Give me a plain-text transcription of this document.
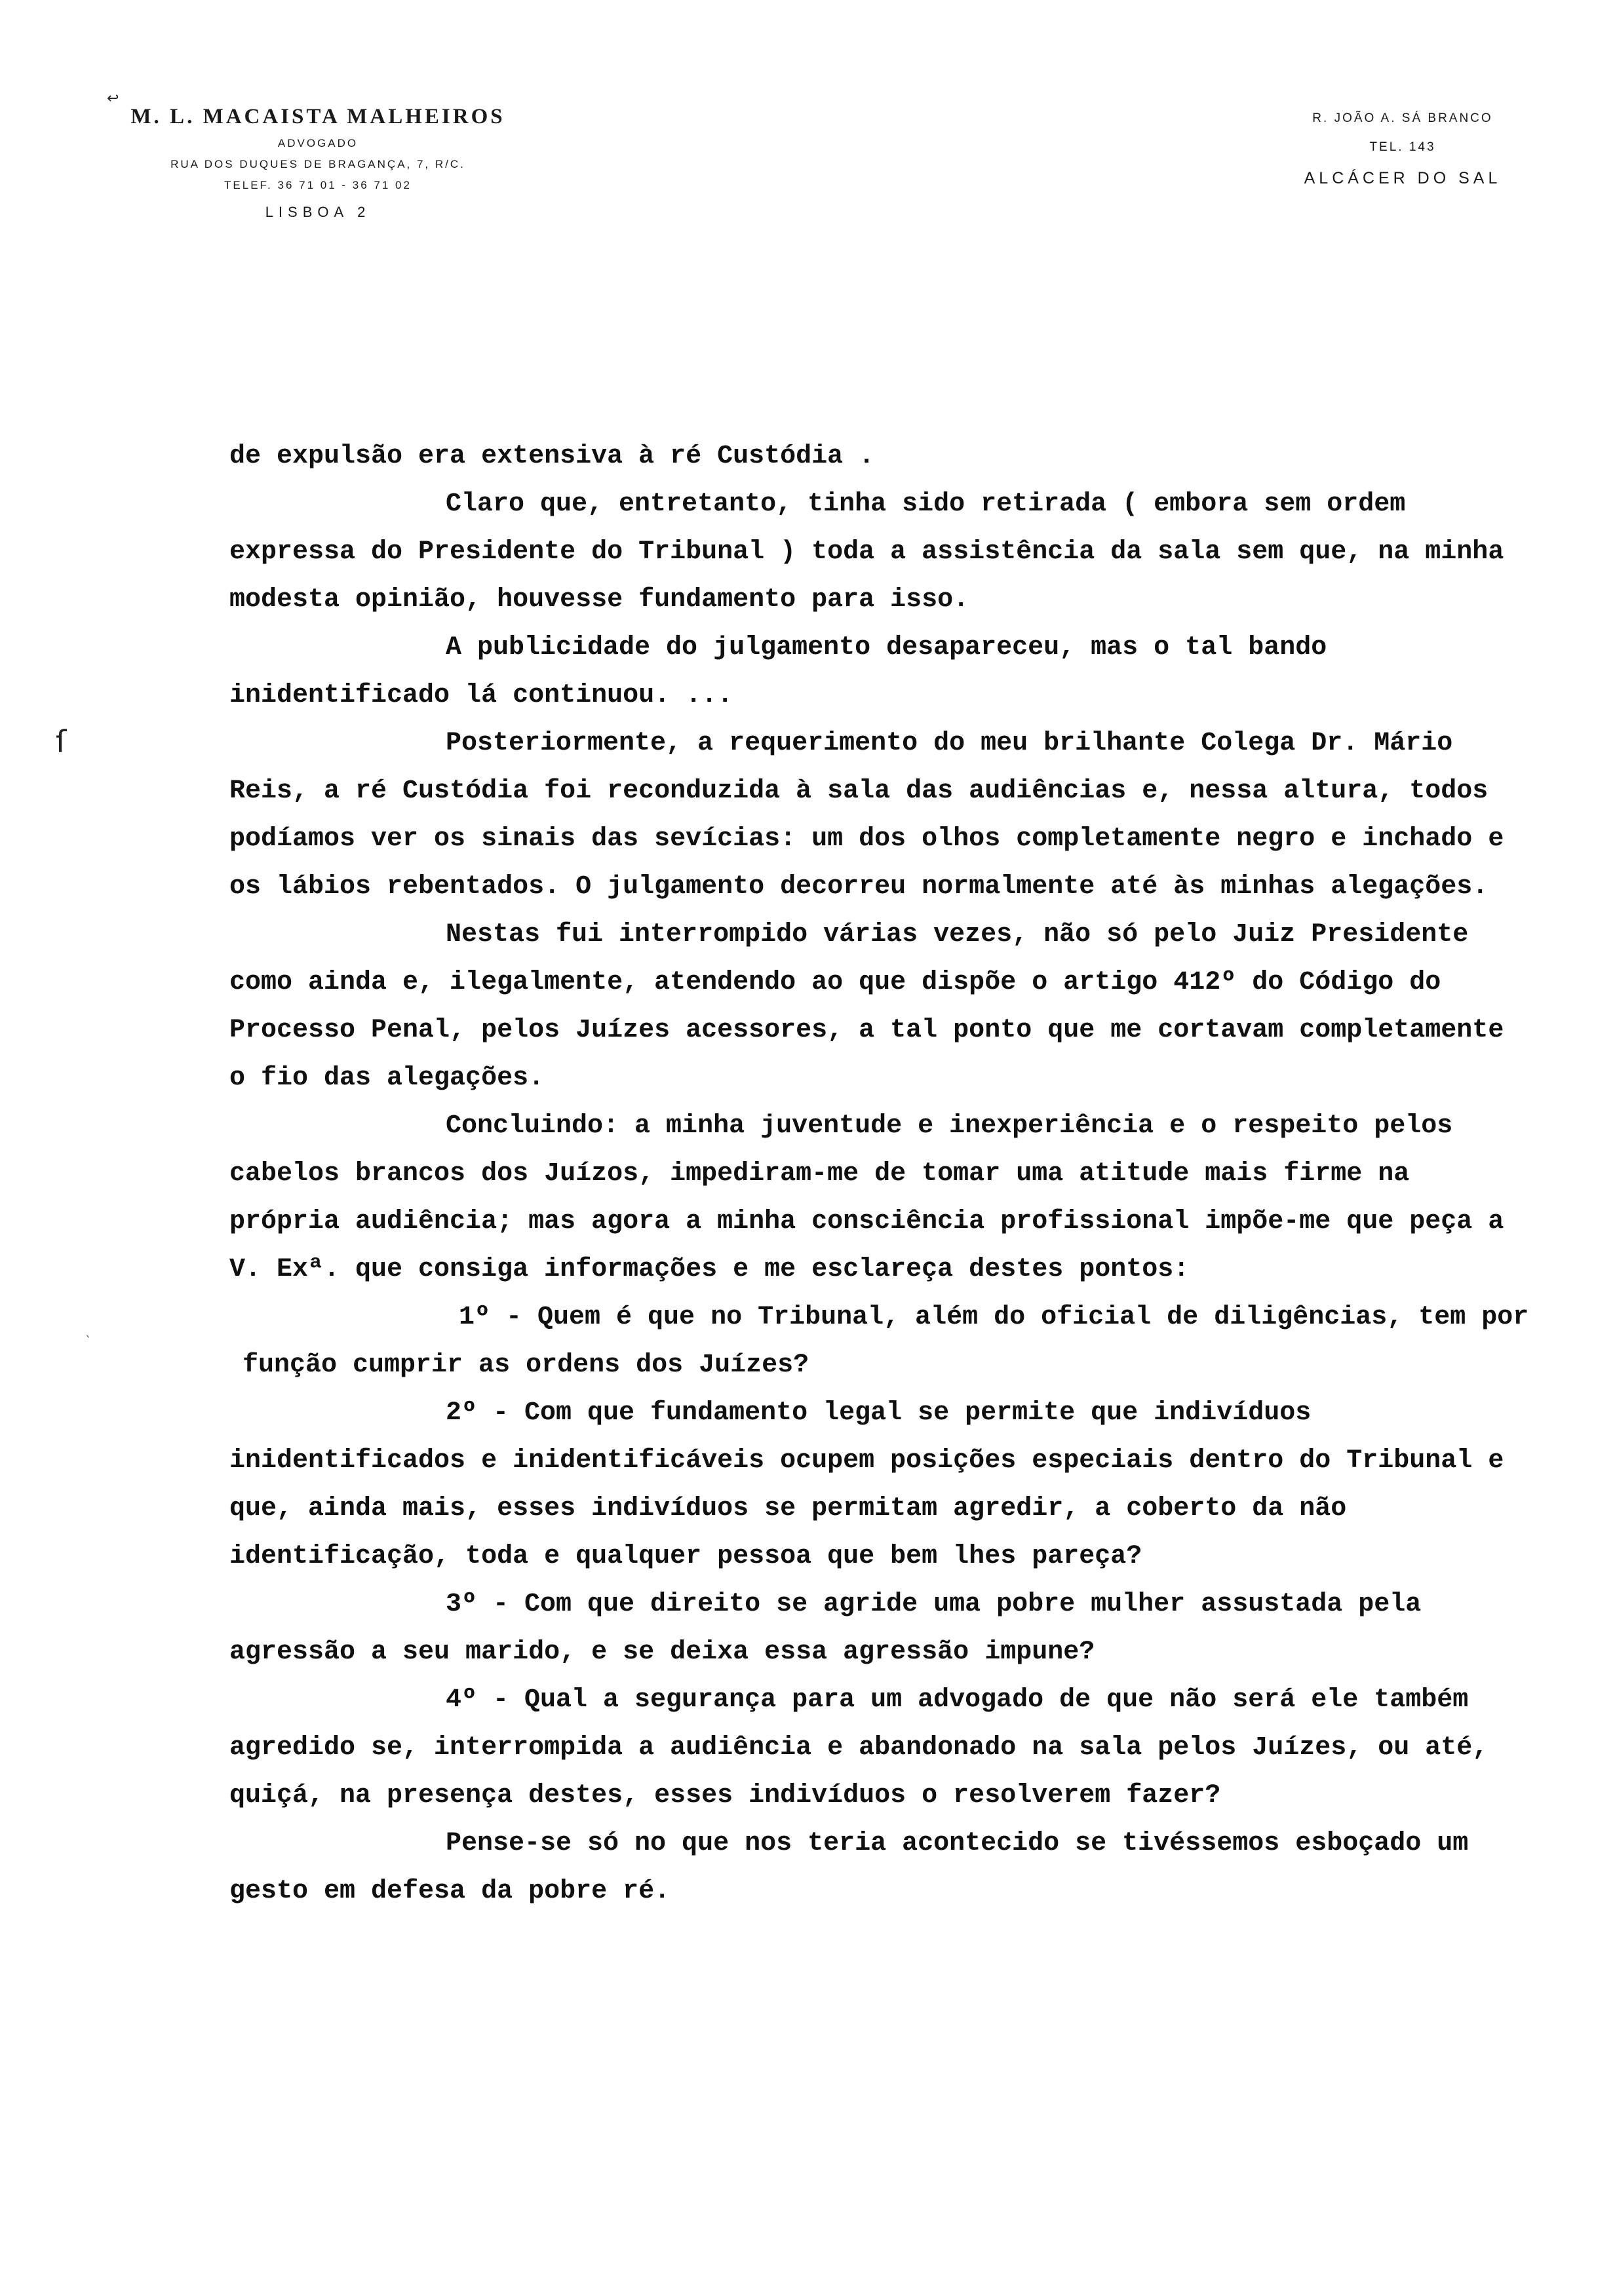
↩
M. L. MACAISTA MALHEIROS
ADVOGADO
RUA DOS DUQUES DE BRAGANÇA, 7, R/C.
TELEF. 36 71 01 - 36 71 02
LISBOA 2
R. JOÃO A. SÁ BRANCO
TEL. 143
ALCÁCER DO SAL
ſ
`

de expulsão era extensiva à ré Custódia .

Claro que, entretanto, tinha sido retirada ( embora sem ordem expressa do Presidente do Tribunal ) toda a assistência da sala sem que, na minha modesta opinião, houvesse fundamento para isso.

A publicidade do julgamento desapareceu, mas o tal bando inidentificado lá continuou. ...

Posteriormente, a requerimento do meu brilhante Colega Dr. Mário Reis, a ré Custódia foi reconduzida à sala das audiências e, nessa altura, todos podíamos ver os sinais das sevícias: um dos olhos completamente negro e inchado e os lábios rebentados. O julgamento decorreu normalmente até às minhas alegações.

Nestas fui interrompido várias vezes, não só pelo Juiz Presidente como ainda e, ilegalmente, atendendo ao que dispõe o artigo 412º do Código do Processo Penal, pelos Juízes acessores, a tal ponto que me cortavam completamente o fio das alegações.

Concluindo: a minha juventude e inexperiência e o respeito pelos cabelos brancos dos Juízos, impediram-me de tomar uma atitude mais firme na própria audiência; mas agora a minha consciência profissional impõe-me que peça a V. Exª. que consiga informações e me esclareça destes pontos:

1º - Quem é que no Tribunal, além do oficial de diligências, tem por função cumprir as ordens dos Juízes?

2º - Com que fundamento legal se permite que indivíduos inidentificados e inidentificáveis ocupem posições especiais dentro do Tribunal e que, ainda mais, esses indivíduos se permitam agredir, a coberto da não identificação, toda e qualquer pessoa que bem lhes pareça?

3º - Com que direito se agride uma pobre mulher assustada pela agressão a seu marido, e se deixa essa agressão impune?

4º - Qual a segurança para um advogado de que não será ele também agredido se, interrompida a audiência e abandonado na sala pelos Juízes, ou até, quiçá, na presença destes, esses indivíduos o resolverem fazer?

Pense-se só no que nos teria acontecido se tivéssemos esboçado um gesto em defesa da pobre ré.
